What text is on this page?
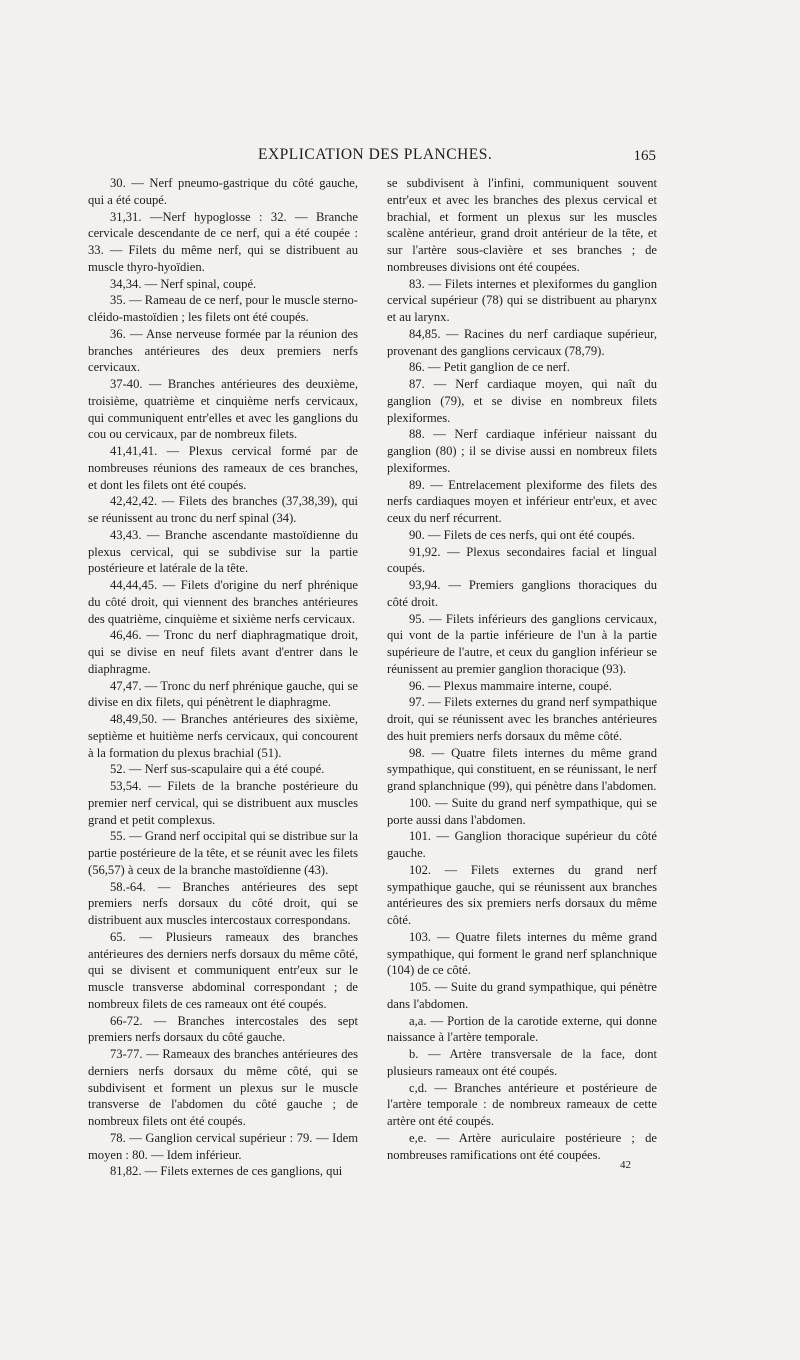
EXPLICATION DES PLANCHES.	165

30. — Nerf pneumo-gastrique du côté gauche, qui a été coupé.

31,31. —Nerf hypoglosse : 32. — Branche cervicale descendante de ce nerf, qui a été coupée : 33. — Filets du même nerf, qui se distribuent au muscle thyro-hyoïdien.

34,34. — Nerf spinal, coupé.

35. — Rameau de ce nerf, pour le muscle sterno-cléido-mastoïdien ; les filets ont été coupés.

36. — Anse nerveuse formée par la réunion des branches antérieures des deux premiers nerfs cervicaux.

37-40. — Branches antérieures des deuxième, troisième, quatrième et cinquième nerfs cervicaux, qui communiquent entr'elles et avec les ganglions du cou ou cervicaux, par de nombreux filets.

41,41,41. — Plexus cervical formé par de nombreuses réunions des rameaux de ces branches, et dont les filets ont été coupés.

42,42,42. — Filets des branches (37,38,39), qui se réunissent au tronc du nerf spinal (34).

43,43. — Branche ascendante mastoïdienne du plexus cervical, qui se subdivise sur la partie postérieure et latérale de la tête.

44,44,45. — Filets d'origine du nerf phrénique du côté droit, qui viennent des branches antérieures des quatrième, cinquième et sixième nerfs cervicaux.

46,46. — Tronc du nerf diaphragmatique droit, qui se divise en neuf filets avant d'entrer dans le diaphragme.

47,47. — Tronc du nerf phrénique gauche, qui se divise en dix filets, qui pénètrent le diaphragme.

48,49,50. — Branches antérieures des sixième, septième et huitième nerfs cervicaux, qui concourent à la formation du plexus brachial (51).

52. — Nerf sus-scapulaire qui a été coupé.

53,54. — Filets de la branche postérieure du premier nerf cervical, qui se distribuent aux muscles grand et petit complexus.

55. — Grand nerf occipital qui se distribue sur la partie postérieure de la tête, et se réunit avec les filets (56,57) à ceux de la branche mastoïdienne (43).

58.-64. — Branches antérieures des sept premiers nerfs dorsaux du côté droit, qui se distribuent aux muscles intercostaux correspondans.

65. — Plusieurs rameaux des branches antérieures des derniers nerfs dorsaux du même côté, qui se divisent et communiquent entr'eux sur le muscle transverse abdominal correspondant ; de nombreux filets de ces rameaux ont été coupés.

66-72. — Branches intercostales des sept premiers nerfs dorsaux du côté gauche.

73-77. — Rameaux des branches antérieures des derniers nerfs dorsaux du même côté, qui se subdivisent et forment un plexus sur le muscle transverse de l'abdomen du côté gauche ; de nombreux filets ont été coupés.

78. — Ganglion cervical supérieur : 79. — Idem moyen : 80. — Idem inférieur.

81,82. — Filets externes de ces ganglions, qui

se subdivisent à l'infini, communiquent souvent entr'eux et avec les branches des plexus cervical et brachial, et forment un plexus sur les muscles scalène antérieur, grand droit antérieur de la tête, et sur l'artère sous-clavière et ses branches ; de nombreuses divisions ont été coupées.

83. — Filets internes et plexiformes du ganglion cervical supérieur (78) qui se distribuent au pharynx et au larynx.

84,85. — Racines du nerf cardiaque supérieur, provenant des ganglions cervicaux (78,79).

86. — Petit ganglion de ce nerf.

87. — Nerf cardiaque moyen, qui naît du ganglion (79), et se divise en nombreux filets plexiformes.

88. — Nerf cardiaque inférieur naissant du ganglion (80) ; il se divise aussi en nombreux filets plexiformes.

89. — Entrelacement plexiforme des filets des nerfs cardiaques moyen et inférieur entr'eux, et avec ceux du nerf récurrent.

90. — Filets de ces nerfs, qui ont été coupés.

91,92. — Plexus secondaires facial et lingual coupés.

93,94. — Premiers ganglions thoraciques du côté droit.

95. — Filets inférieurs des ganglions cervicaux, qui vont de la partie inférieure de l'un à la partie supérieure de l'autre, et ceux du ganglion inférieur se réunissent au premier ganglion thoracique (93).

96. — Plexus mammaire interne, coupé.

97. — Filets externes du grand nerf sympathique droit, qui se réunissent avec les branches antérieures des huit premiers nerfs dorsaux du même côté.

98. — Quatre filets internes du même grand sympathique, qui constituent, en se réunissant, le nerf grand splanchnique (99), qui pénètre dans l'abdomen.

100. — Suite du grand nerf sympathique, qui se porte aussi dans l'abdomen.

101. — Ganglion thoracique supérieur du côté gauche.

102. — Filets externes du grand nerf sympathique gauche, qui se réunissent aux branches antérieures des six premiers nerfs dorsaux du même côté.

103. — Quatre filets internes du même grand sympathique, qui forment le grand nerf splanchnique (104) de ce côté.

105. — Suite du grand sympathique, qui pénètre dans l'abdomen.

a,a. — Portion de la carotide externe, qui donne naissance à l'artère temporale.

b. — Artère transversale de la face, dont plusieurs rameaux ont été coupés.

c,d. — Branches antérieure et postérieure de l'artère temporale : de nombreux rameaux de cette artère ont été coupés.

e,e. — Artère auriculaire postérieure ; de nombreuses ramifications ont été coupées.

42
